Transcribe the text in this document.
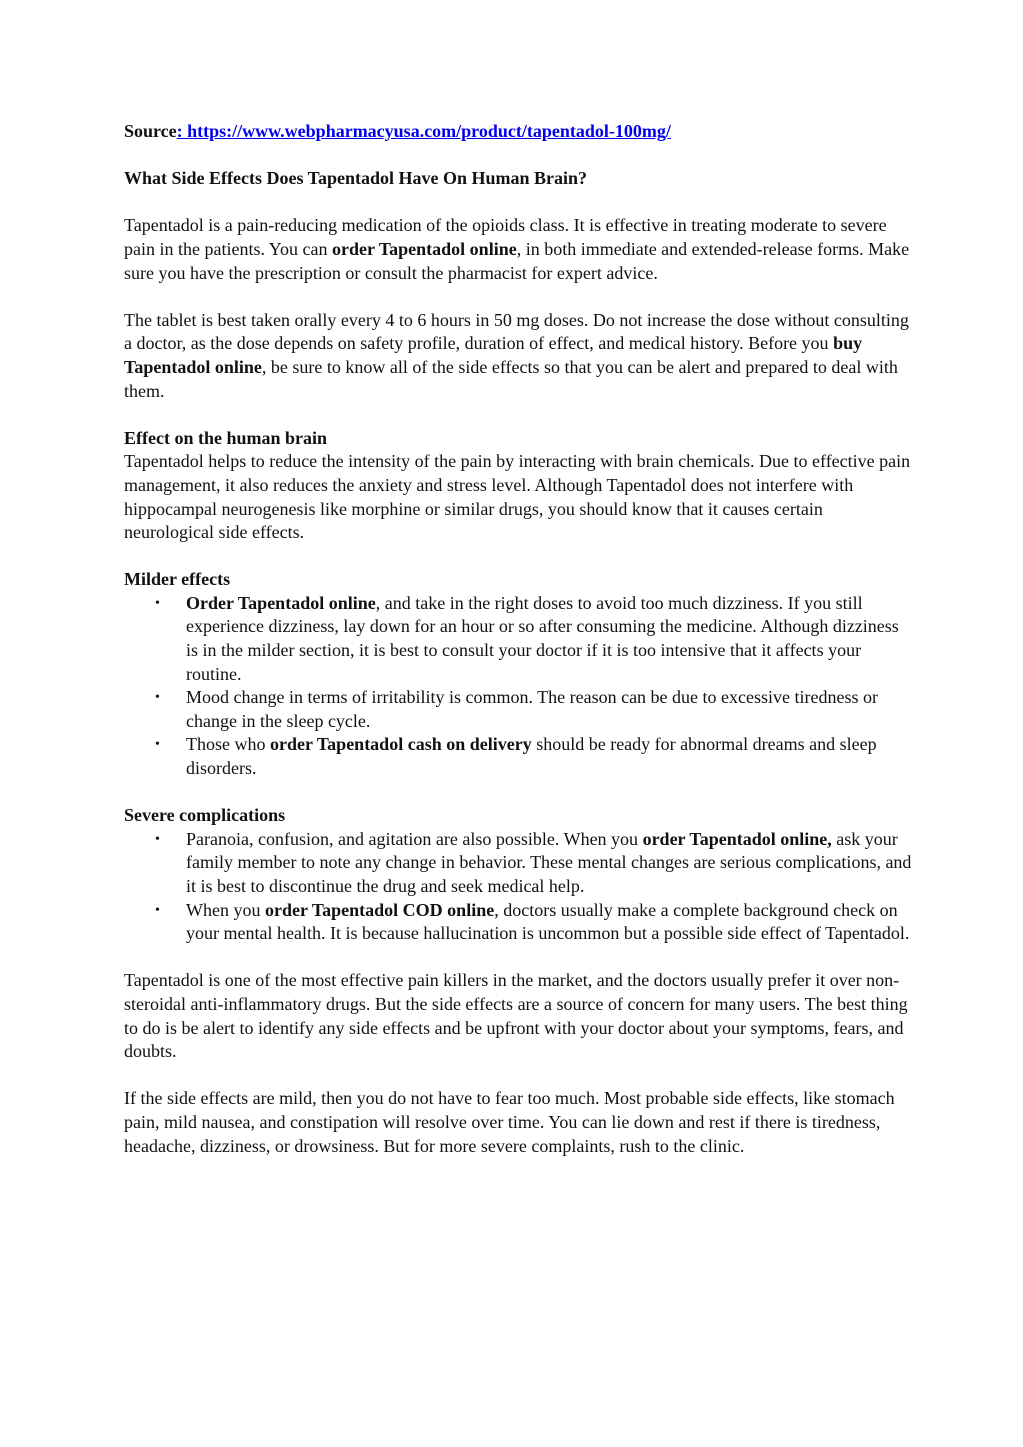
Source: https://www.webpharmacyusa.com/product/tapentadol-100mg/

What Side Effects Does Tapentadol Have On Human Brain?

Tapentadol is a pain-reducing medication of the opioids class. It is effective in treating moderate to severe pain in the patients. You can order Tapentadol online, in both immediate and extended-release forms. Make sure you have the prescription or consult the pharmacist for expert advice.

The tablet is best taken orally every 4 to 6 hours in 50 mg doses. Do not increase the dose without consulting a doctor, as the dose depends on safety profile, duration of effect, and medical history. Before you buy Tapentadol online, be sure to know all of the side effects so that you can be alert and prepared to deal with them.

Effect on the human brain

Tapentadol helps to reduce the intensity of the pain by interacting with brain chemicals. Due to effective pain management, it also reduces the anxiety and stress level. Although Tapentadol does not interfere with hippocampal neurogenesis like morphine or similar drugs, you should know that it causes certain neurological side effects.

Milder effects

• Order Tapentadol online, and take in the right doses to avoid too much dizziness. If you still experience dizziness, lay down for an hour or so after consuming the medicine. Although dizziness is in the milder section, it is best to consult your doctor if it is too intensive that it affects your routine.
• Mood change in terms of irritability is common. The reason can be due to excessive tiredness or change in the sleep cycle.
• Those who order Tapentadol cash on delivery should be ready for abnormal dreams and sleep disorders.

Severe complications

• Paranoia, confusion, and agitation are also possible. When you order Tapentadol online, ask your family member to note any change in behavior. These mental changes are serious complications, and it is best to discontinue the drug and seek medical help.
• When you order Tapentadol COD online, doctors usually make a complete background check on your mental health. It is because hallucination is uncommon but a possible side effect of Tapentadol.

Tapentadol is one of the most effective pain killers in the market, and the doctors usually prefer it over non-steroidal anti-inflammatory drugs. But the side effects are a source of concern for many users. The best thing to do is be alert to identify any side effects and be upfront with your doctor about your symptoms, fears, and doubts.

If the side effects are mild, then you do not have to fear too much. Most probable side effects, like stomach pain, mild nausea, and constipation will resolve over time. You can lie down and rest if there is tiredness, headache, dizziness, or drowsiness. But for more severe complaints, rush to the clinic.
